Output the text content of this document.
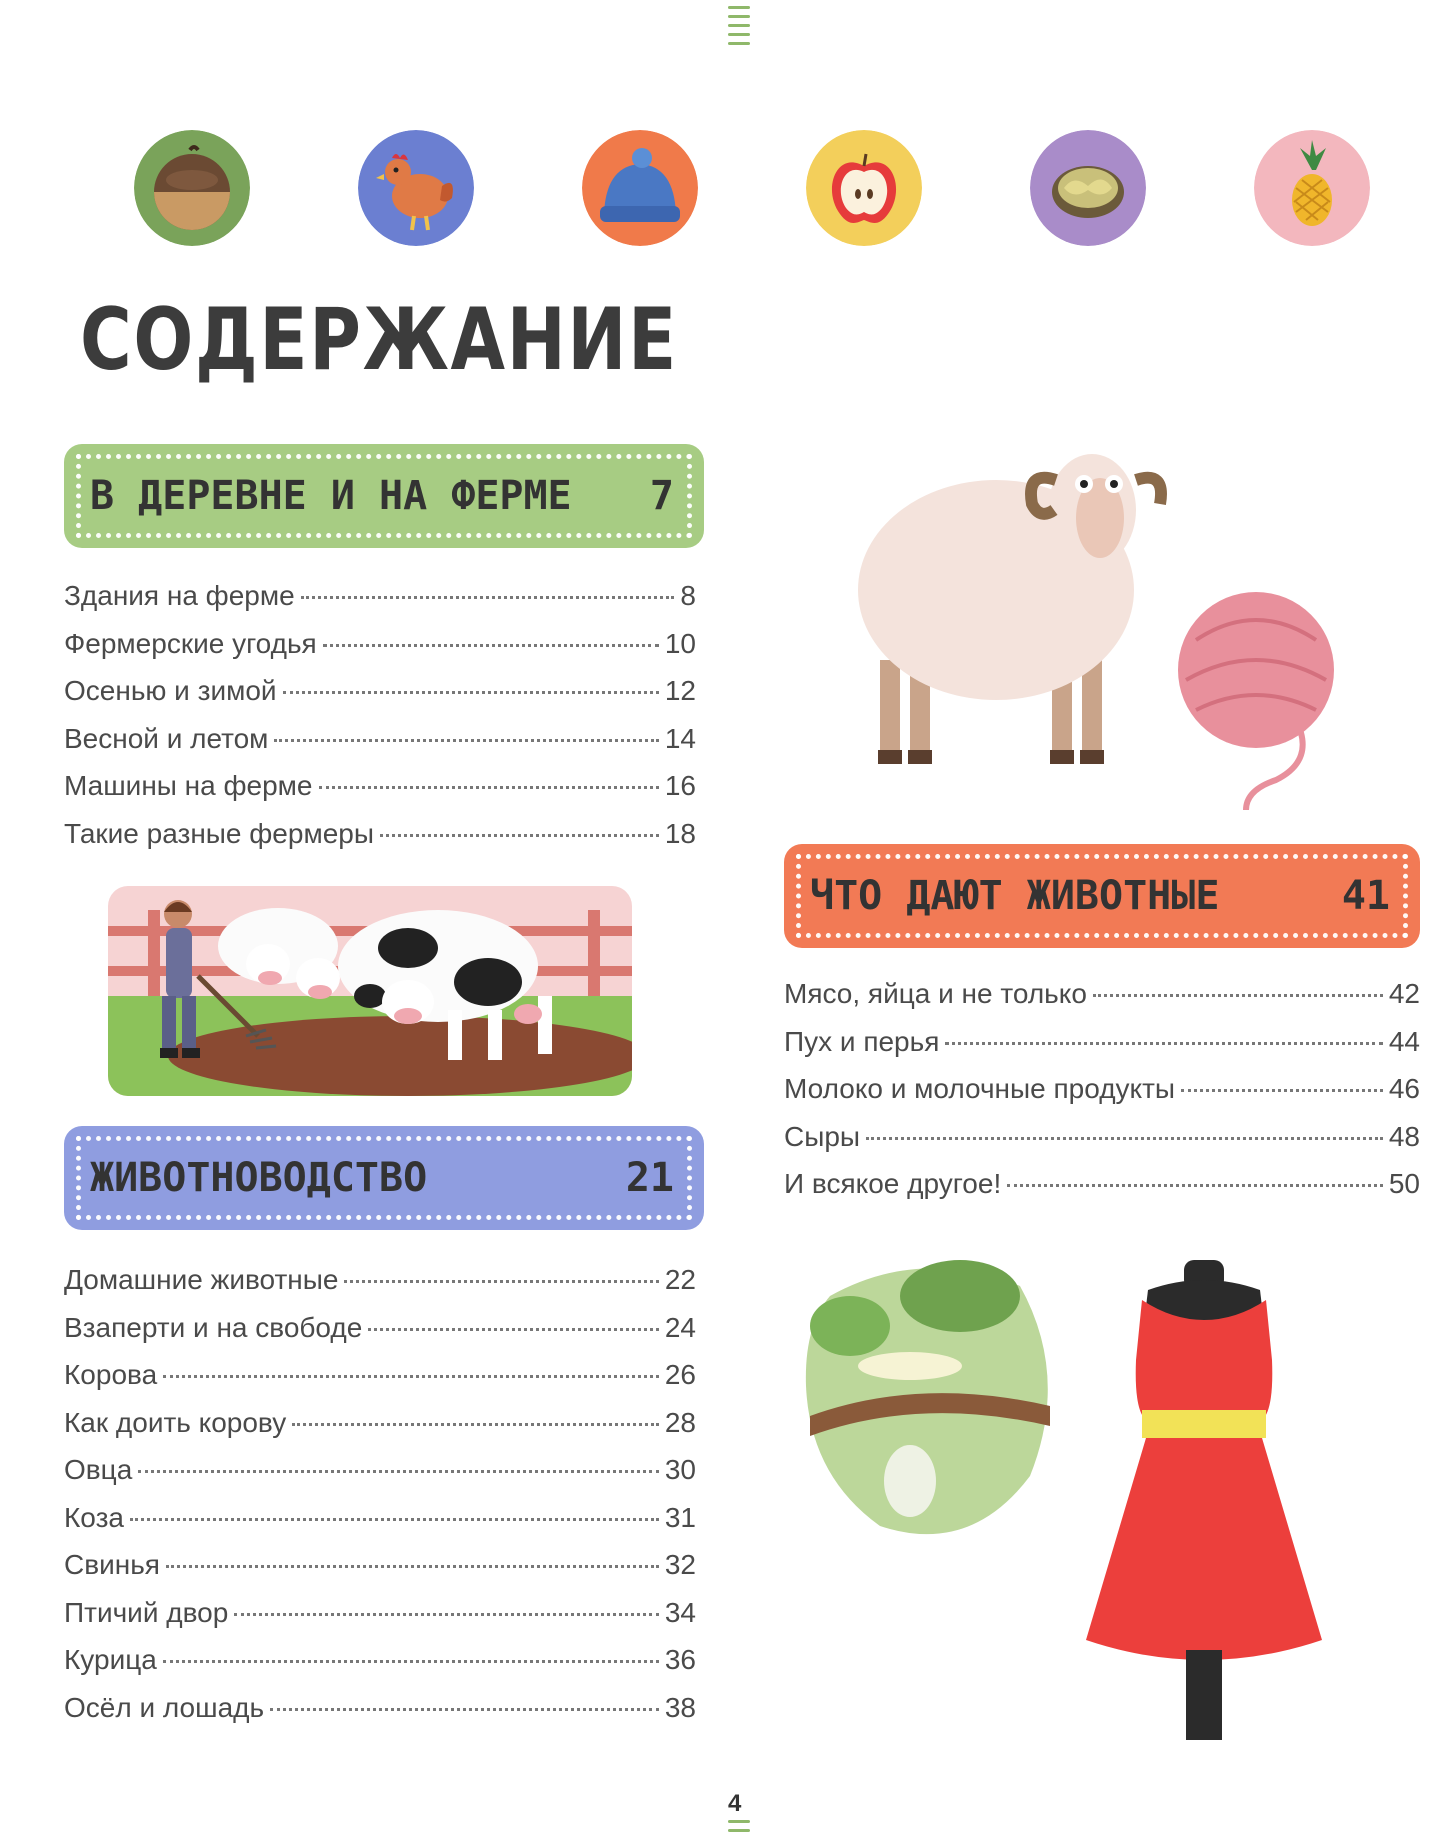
СОДЕРЖАНИЕ
В ДЕРЕВНЕ И НА ФЕРМЕ 7
Здания на ферме	8
Фермерские угодья	10
Осенью и зимой	12
Весной и летом	14
Машины на ферме	16
Такие разные фермеры	18
ЖИВОТНОВОДСТВО	21
Домашние животные	22
Взаперти и на свободе	24
Корова	26
Как доить корову	28
Овца	30
Коза	31
Свинья	32
Птичий двор	34
Курица	36
Осёл и лошадь	38
ЧТО ДАЮТ ЖИВОТНЫЕ	41
Мясо, яйца и не только	42
Пух и перья	44
Молоко и молочные продукты	46
Сыры	48
И всякое другое!	50
4
